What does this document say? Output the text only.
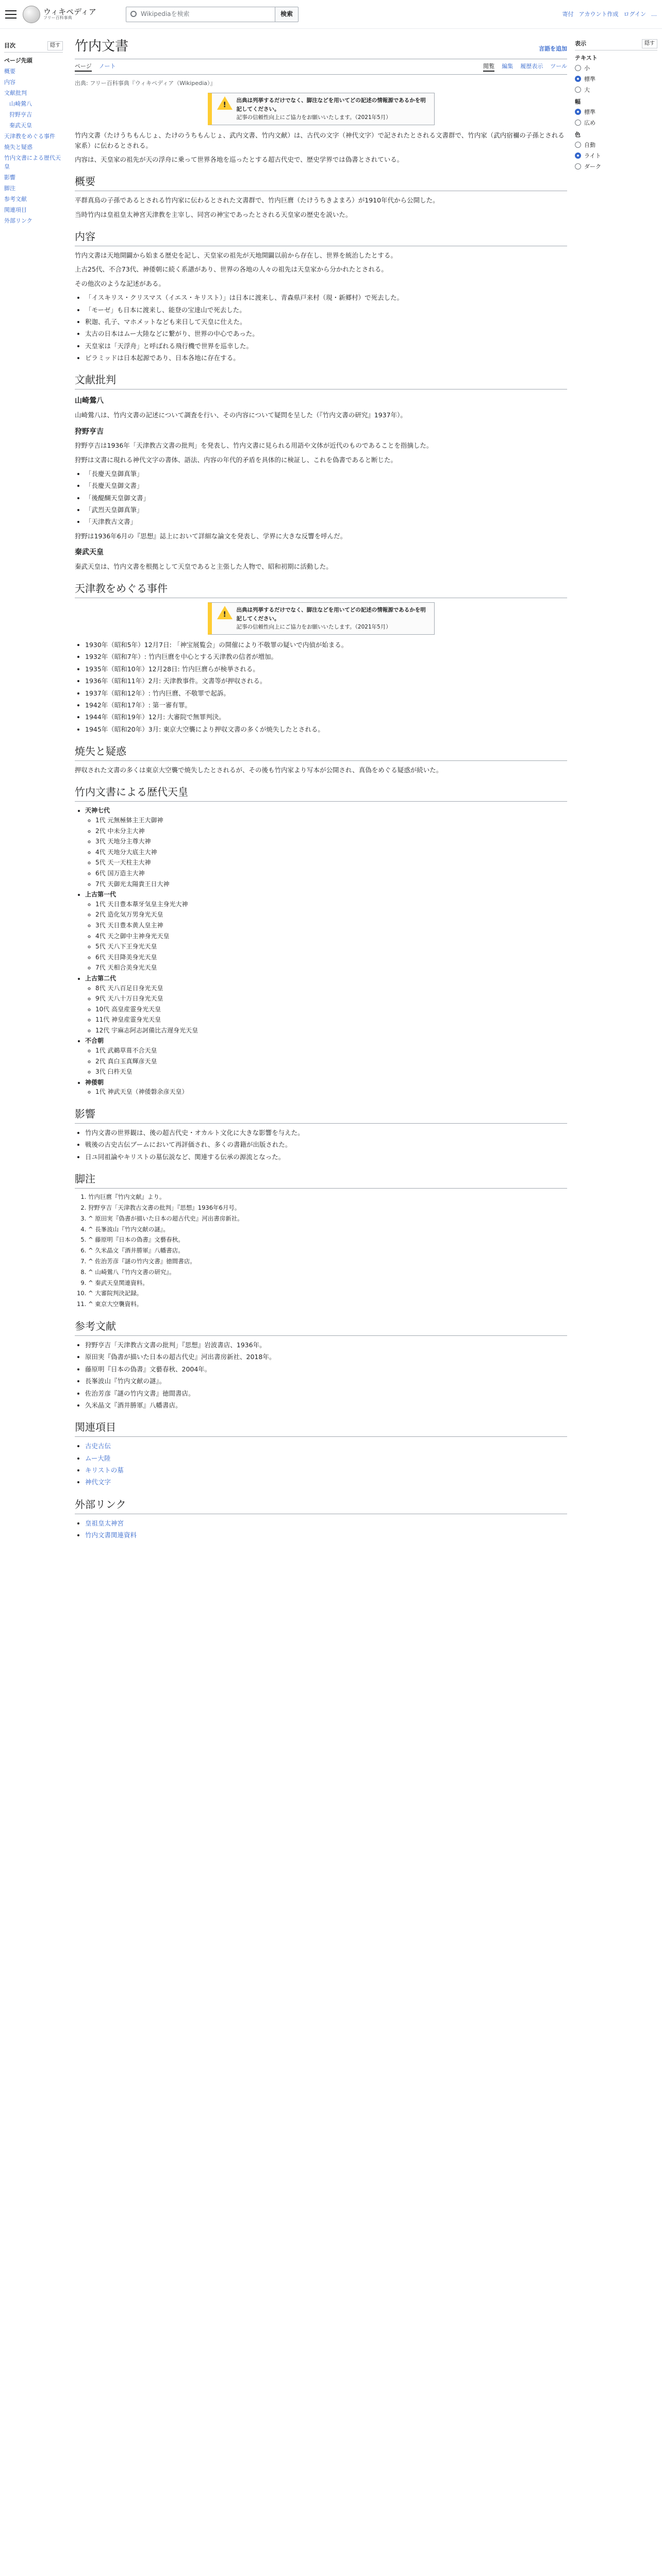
ウィキペディア
フリー百科事典
Wikipediaを検索	検索	寄付 アカウント作成 ログイン …
目次	隠す
ページ先頭
概要
内容
文献批判
山崎鶯八
狩野亨吉
秦武天皇
天津教をめぐる事件
焼失と疑惑
竹内文書による歴代天皇
影響
脚注
参考文献
関連項目
外部リンク
竹内文書	言語を追加
ページ ノート	閲覧 編集 履歴表示 ツール
出典: フリー百科事典『ウィキペディア（Wikipedia）』
!
出典は列挙するだけでなく、脚注などを用いてどの記述の情報源であるかを明記してください。
記事の信頼性向上にご協力をお願いいたします。（2021年5月）

竹内文書（たけうちもんじょ、たけのうちもんじょ、武内文書、竹内文献）は、古代の文字（神代文字）で記されたとされる文書群で、竹内家（武内宿禰の子孫とされる家系）に伝わるとされる。

内容は、天皇家の祖先が天の浮舟に乗って世界各地を巡ったとする超古代史で、歴史学界では偽書とされている。

概要

平群真鳥の子孫であるとされる竹内家に伝わるとされた文書群で、竹内巨麿（たけうちきよまろ）が1910年代から公開した。

当時竹内は皇祖皇太神宮天津教を主宰し、同宮の神宝であったとされる天皇家の歴史を説いた。

内容

竹内文書は天地開闢から始まる歴史を記し、天皇家の祖先が天地開闢以前から存在し、世界を統治したとする。

上古25代、不合73代、神倭朝に続く系譜があり、世界の各地の人々の祖先は天皇家から分かれたとされる。

その他次のような記述がある。

• 「イスキリス・クリスマス（イエス・キリスト）」は日本に渡来し、青森県戸来村（現・新郷村）で死去した。
• 「モーゼ」も日本に渡来し、能登の宝達山で死去した。
• 釈迦、孔子、マホメットなども来日して天皇に仕えた。
• 太古の日本はムー大陸などに繋がり、世界の中心であった。
• 天皇家は「天浮舟」と呼ばれる飛行機で世界を巡幸した。
• ピラミッドは日本起源であり、日本各地に存在する。
文献批判
山崎鶯八

山崎鶯八は、竹内文書の記述について調査を行い、その内容について疑問を呈した（『竹内文書の研究』1937年）。

狩野亨吉

狩野亨吉は1936年「天津教古文書の批判」を発表し、竹内文書に見られる用語や文体が近代のものであることを指摘した。

狩野は文書に現れる神代文字の書体、語法、内容の年代的矛盾を具体的に検証し、これを偽書であると断じた。

• 「長慶天皇御真筆」
• 「長慶天皇御文書」
• 「後醍醐天皇御文書」
• 「武烈天皇御真筆」
• 「天津教古文書」

狩野は1936年6月の『思想』誌上において詳細な論文を発表し、学界に大きな反響を呼んだ。

秦武天皇

秦武天皇は、竹内文書を根拠として天皇であると主張した人物で、昭和初期に活動した。

天津教をめぐる事件
!
出典は列挙するだけでなく、脚注などを用いてどの記述の情報源であるかを明記してください。
記事の信頼性向上にご協力をお願いいたします。（2021年5月）
• 1930年（昭和5年）12月7日: 「神宝展覧会」の開催により不敬罪の疑いで内偵が始まる。
• 1932年（昭和7年）: 竹内巨麿を中心とする天津教の信者が増加。
• 1935年（昭和10年）12月28日: 竹内巨麿らが検挙される。
• 1936年（昭和11年）2月: 天津教事件。文書等が押収される。
• 1937年（昭和12年）: 竹内巨麿、不敬罪で起訴。
• 1942年（昭和17年）: 第一審有罪。
• 1944年（昭和19年）12月: 大審院で無罪判決。
• 1945年（昭和20年）3月: 東京大空襲により押収文書の多くが焼失したとされる。
焼失と疑惑

押収された文書の多くは東京大空襲で焼失したとされるが、その後も竹内家より写本が公開され、真偽をめぐる疑惑が続いた。

竹内文書による歴代天皇
• 天神七代
◦ 1代 元無極躰主王大御神
◦ 2代 中未分主大神
◦ 3代 天地分主尊大神
◦ 4代 天地分大底主大神
◦ 5代 天一天柱主大神
◦ 6代 国万造主大神
◦ 7代 天御光太陽貴王日大神
• 上古第一代
◦ 1代 天日豊本葦牙気皇主身光大神
◦ 2代 造化気万男身光天皇
◦ 3代 天日豊本黄人皇主神
◦ 4代 天之御中主神身光天皇
◦ 5代 天八下王身光天皇
◦ 6代 天目降美身光天皇
◦ 7代 天相合美身光天皇
• 上古第二代
◦ 8代 天八百足日身光天皇
◦ 9代 天八十万日身光天皇
◦ 10代 高皇産霊身光天皇
◦ 11代 神皇産霊身光天皇
◦ 12代 宇麻志阿志訶備比古遅身光天皇
• 不合朝
◦ 1代 武鵜草葺不合天皇
◦ 2代 真白玉真輝彦天皇
◦ 3代 臼杵天皇
• 神倭朝
◦ 1代 神武天皇（神倭磐余彦天皇）
影響
• 竹内文書の世界観は、後の超古代史・オカルト文化に大きな影響を与えた。
• 戦後の古史古伝ブームにおいて再評価され、多くの書籍が出版された。
• 日ユ同祖論やキリストの墓伝説など、関連する伝承の源流となった。
脚注
1. 竹内巨麿『竹内文献』より。
2. 狩野亨吉「天津教古文書の批判」『思想』1936年6月号。
3. ^ 原田実『偽書が描いた日本の超古代史』河出書房新社。
4. ^ 長峯波山『竹内文献の謎』。
5. ^ 藤原明『日本の偽書』文藝春秋。
6. ^ 久米晶文『酒井勝軍』八幡書店。
7. ^ 佐治芳彦『謎の竹内文書』徳間書店。
8. ^ 山崎鶯八『竹内文書の研究』。
9. ^ 秦武天皇関連資料。
10. ^ 大審院判決記録。
11. ^ 東京大空襲資料。
参考文献
• 狩野亨吉「天津教古文書の批判」『思想』岩波書店、1936年。
• 原田実『偽書が描いた日本の超古代史』河出書房新社、2018年。
• 藤原明『日本の偽書』文藝春秋、2004年。
• 長峯波山『竹内文献の謎』。
• 佐治芳彦『謎の竹内文書』徳間書店。
• 久米晶文『酒井勝軍』八幡書店。
関連項目
• 古史古伝
• ムー大陸
• キリストの墓
• 神代文字
外部リンク
• 皇祖皇太神宮
• 竹内文書関連資料
表示	隠す
テキスト
小
標準
大
幅
標準
広め
色
自動
ライト
ダーク
